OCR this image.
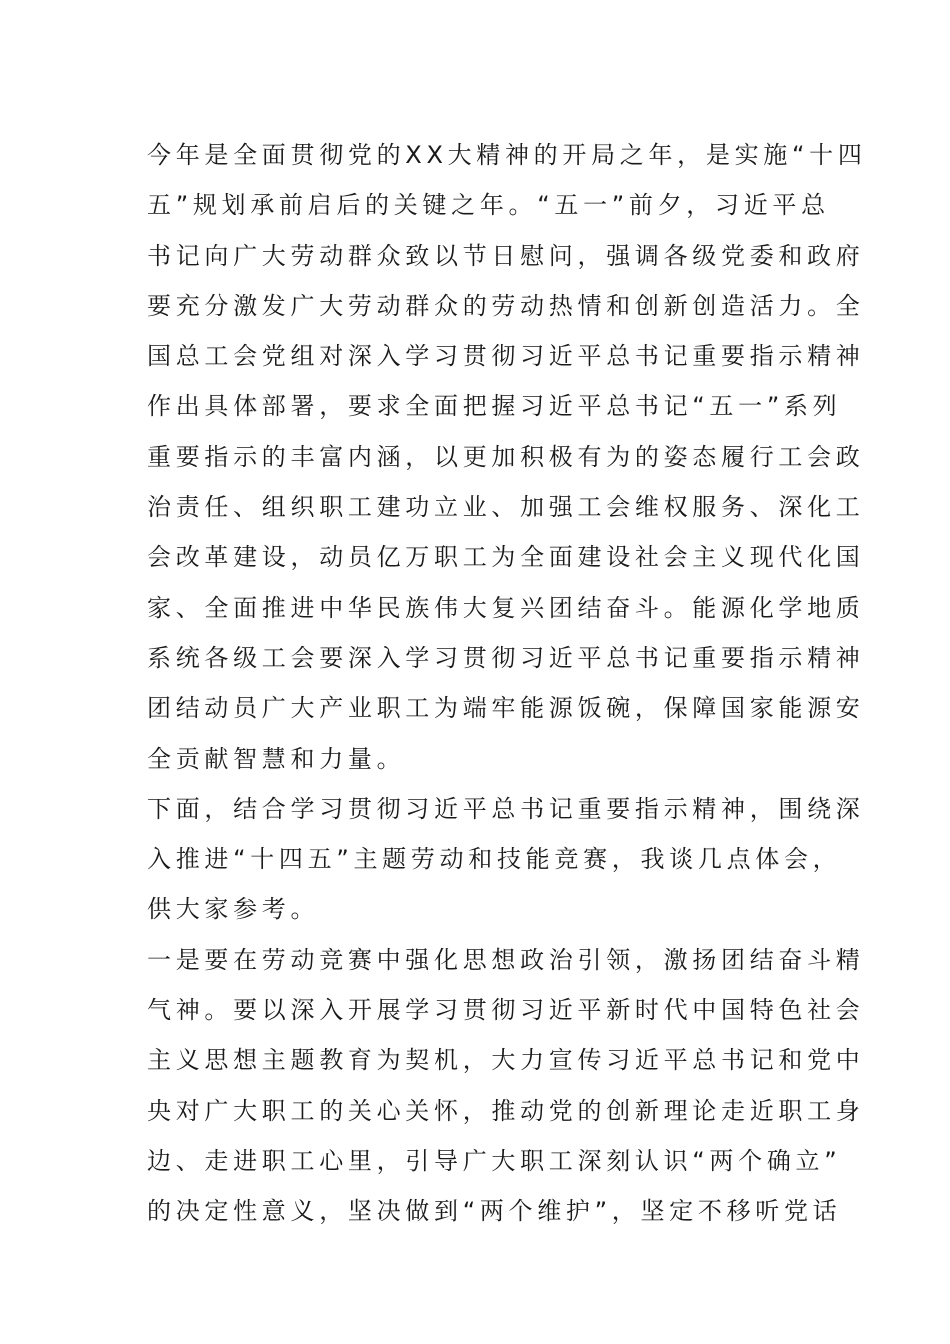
今年是全面贯彻党的XX大精神的开局之年，是实施“十四
五”规划承前启后的关键之年。“五一”前夕，习近平总
书记向广大劳动群众致以节日慰问，强调各级党委和政府
要充分激发广大劳动群众的劳动热情和创新创造活力。全
国总工会党组对深入学习贯彻习近平总书记重要指示精神
作出具体部署，要求全面把握习近平总书记“五一”系列
重要指示的丰富内涵，以更加积极有为的姿态履行工会政
治责任、组织职工建功立业、加强工会维权服务、深化工
会改革建设，动员亿万职工为全面建设社会主义现代化国
家、全面推进中华民族伟大复兴团结奋斗。能源化学地质
系统各级工会要深入学习贯彻习近平总书记重要指示精神
团结动员广大产业职工为端牢能源饭碗，保障国家能源安
全贡献智慧和力量。
下面，结合学习贯彻习近平总书记重要指示精神，围绕深
入推进“十四五”主题劳动和技能竞赛，我谈几点体会，
供大家参考。
一是要在劳动竞赛中强化思想政治引领，激扬团结奋斗精
气神。要以深入开展学习贯彻习近平新时代中国特色社会
主义思想主题教育为契机，大力宣传习近平总书记和党中
央对广大职工的关心关怀，推动党的创新理论走近职工身
边、走进职工心里，引导广大职工深刻认识“两个确立”
的决定性意义，坚决做到“两个维护”，坚定不移听党话
